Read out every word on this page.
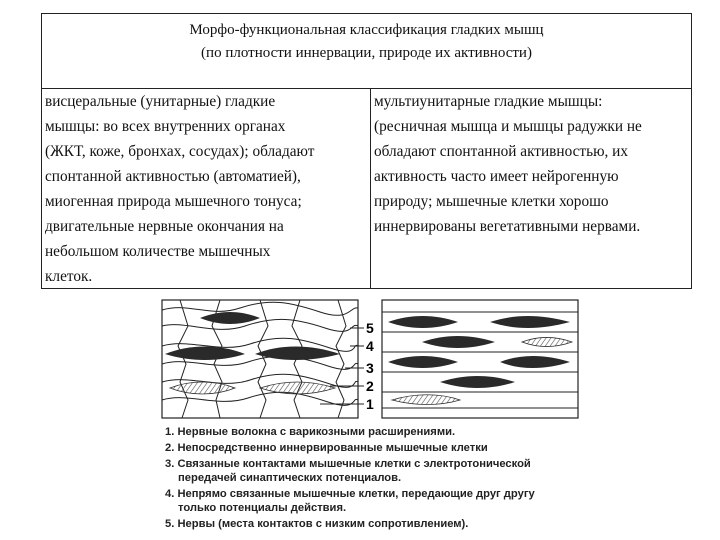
Морфо-функциональная классификация гладких мышц
(по плотности иннервации, природе их активности)
висцеральные (унитарные) гладкие
мышцы: во всех внутренних органах
(ЖКТ, коже, бронхах, сосудах); обладают
спонтанной активностью (автоматией),
миогенная природа мышечного тонуса;
двигательные нервные окончания на
небольшом количестве мышечных
клеток.
мультиунитарные гладкие мышцы:
(ресничная мышца и мышцы радужки не
обладают спонтанной активностью, их
активность часто имеет нейрогенную
природу; мышечные клетки хорошо
иннервированы вегетативными нервами.
5
4
3
2
1
1. Нервные волокна с варикозными расширениями.
2. Непосредственно иннервированные мышечные клетки
3. Связанные контактами мышечные клетки с электротонической
передачей синаптических потенциалов.
4. Непрямо связанные мышечные клетки, передающие друг другу
только потенциалы действия.
5. Нервы (места контактов с низким сопротивлением).
